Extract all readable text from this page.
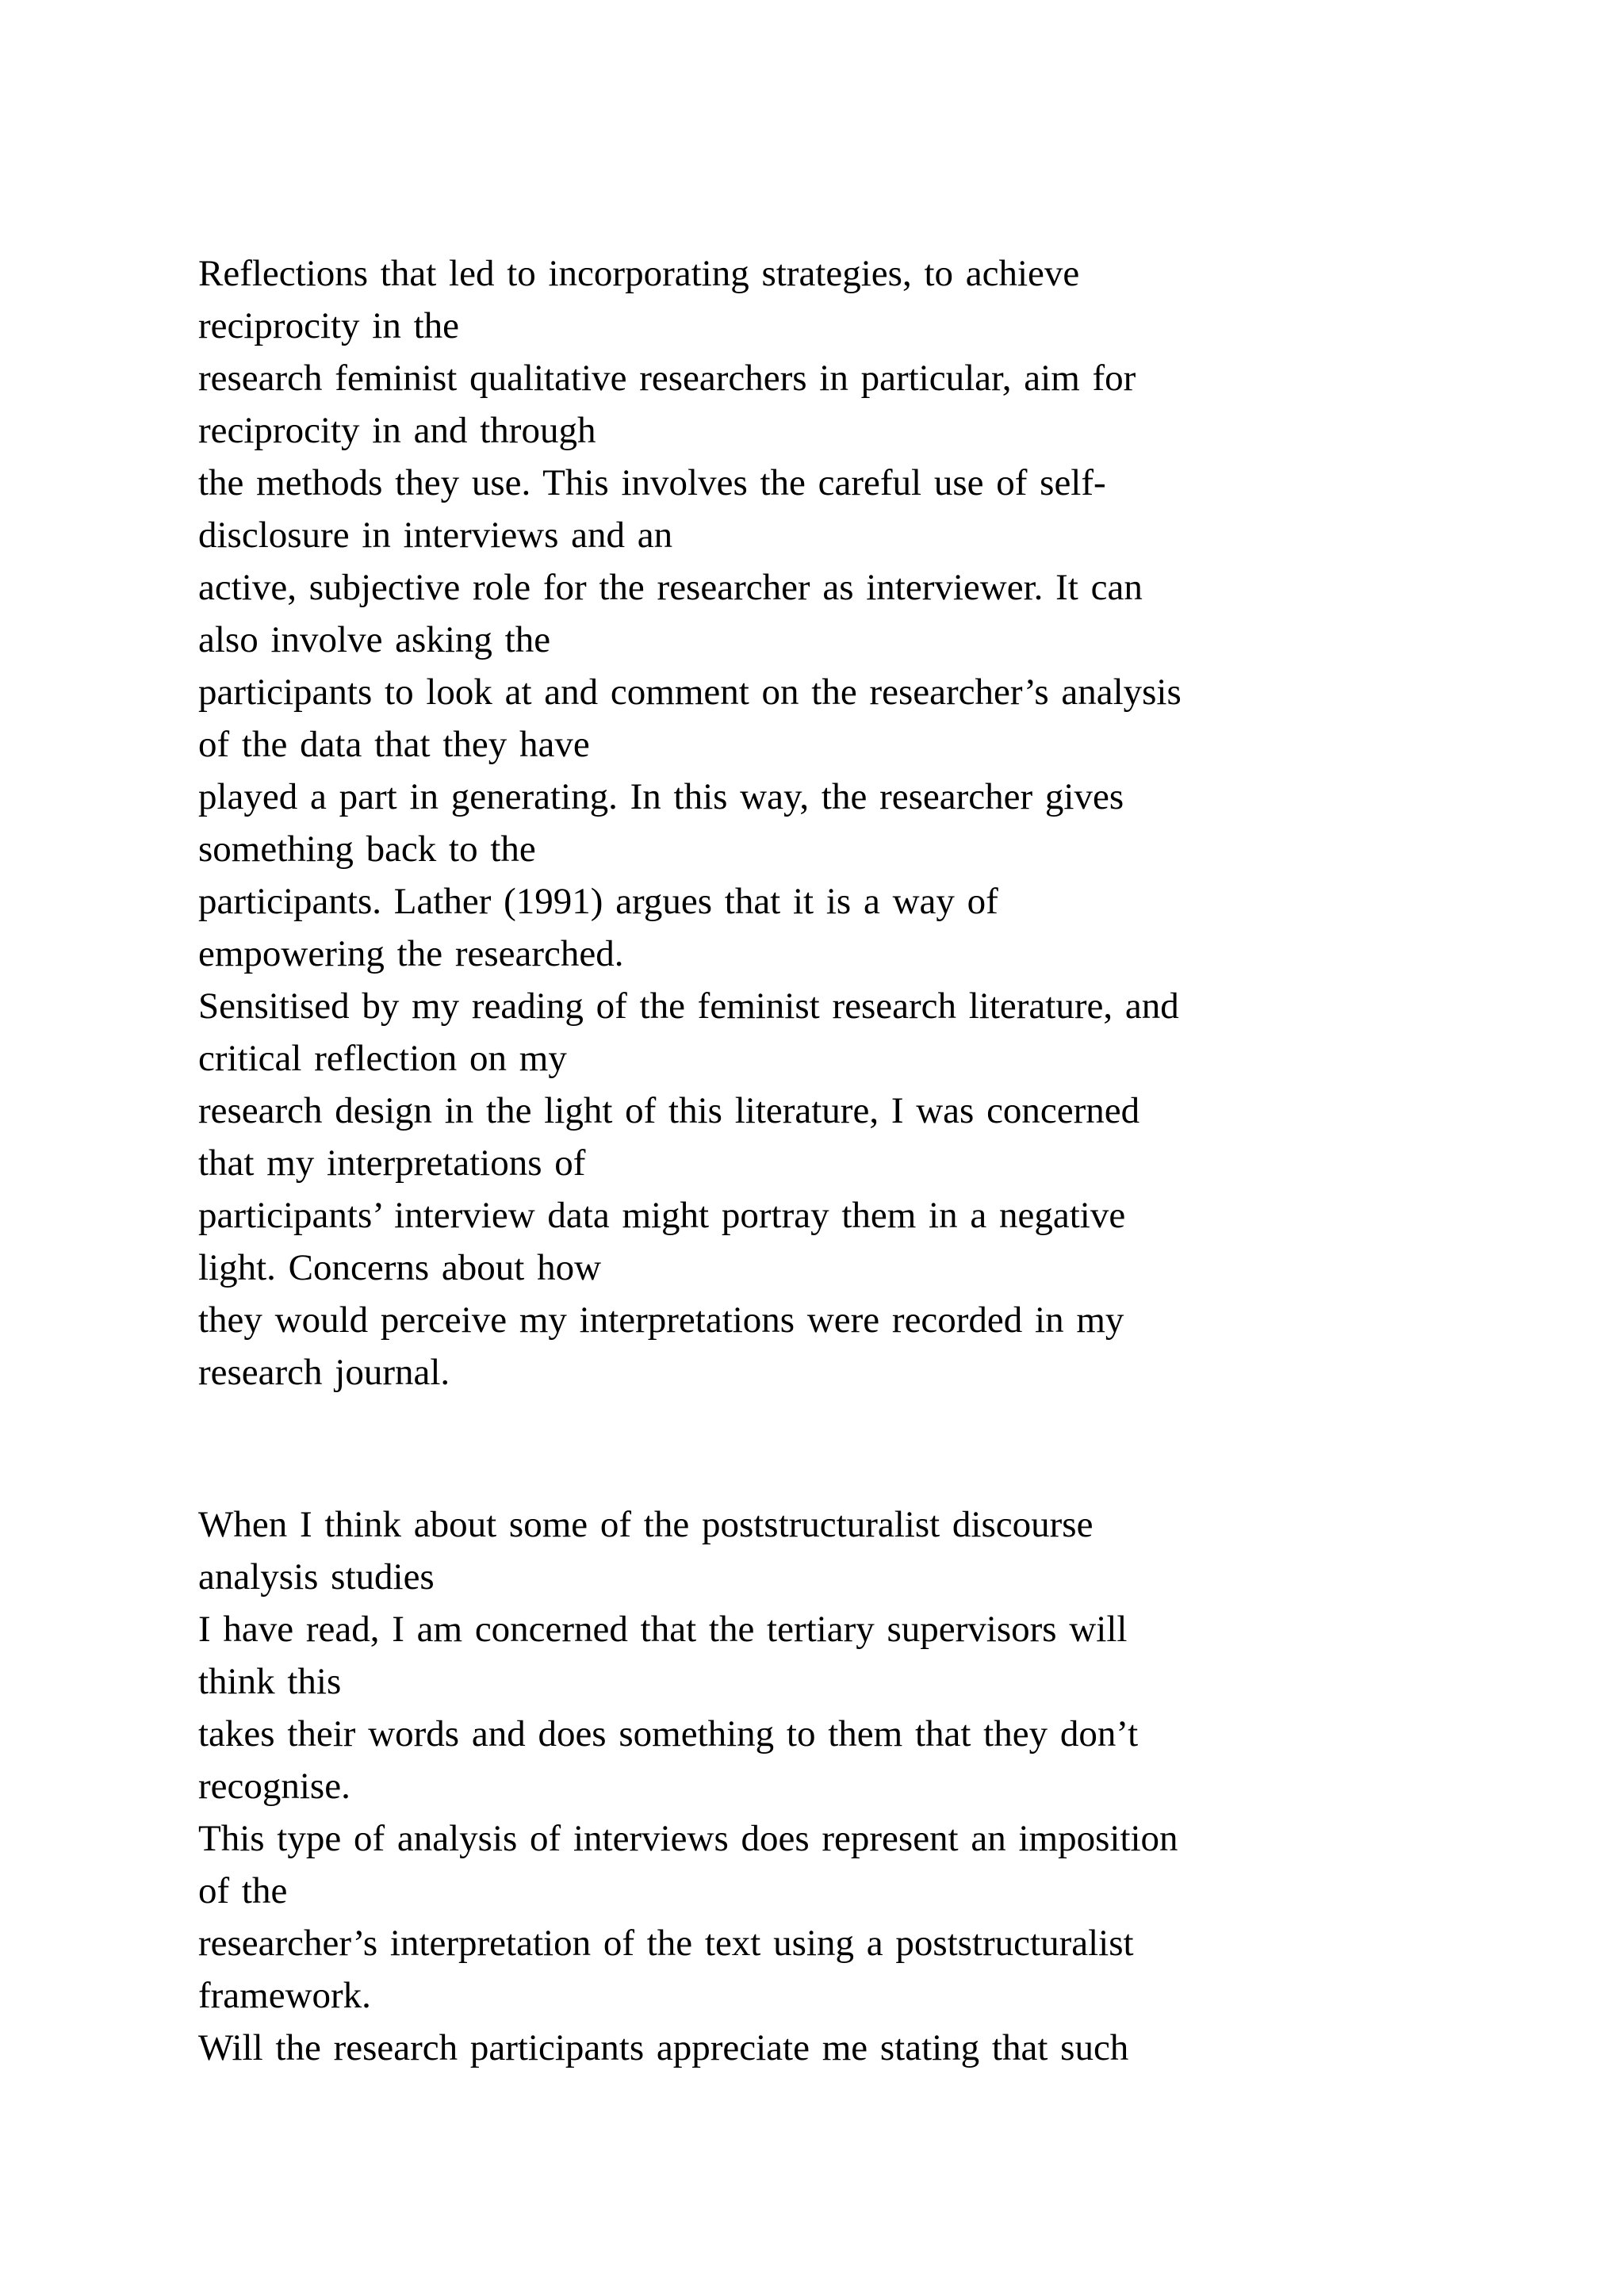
Reflections that led to incorporating strategies, to achieve
reciprocity in the
research feminist qualitative researchers in particular, aim for
reciprocity in and through
the methods they use. This involves the careful use of self-
disclosure in interviews and an
active, subjective role for the researcher as interviewer. It can
also involve asking the
participants to look at and comment on the researcher’s analysis
of the data that they have
played a part in generating. In this way, the researcher gives
something back to the
participants. Lather (1991) argues that it is a way of
empowering the researched.
Sensitised by my reading of the feminist research literature, and
critical reflection on my
research design in the light of this literature, I was concerned
that my interpretations of
participants’ interview data might portray them in a negative
light. Concerns about how
they would perceive my interpretations were recorded in my
research journal.
When I think about some of the poststructuralist discourse
analysis studies
I have read, I am concerned that the tertiary supervisors will
think this
takes their words and does something to them that they don’t
recognise.
This type of analysis of interviews does represent an imposition
of the
researcher’s interpretation of the text using a poststructuralist
framework.
Will the research participants appreciate me stating that such
